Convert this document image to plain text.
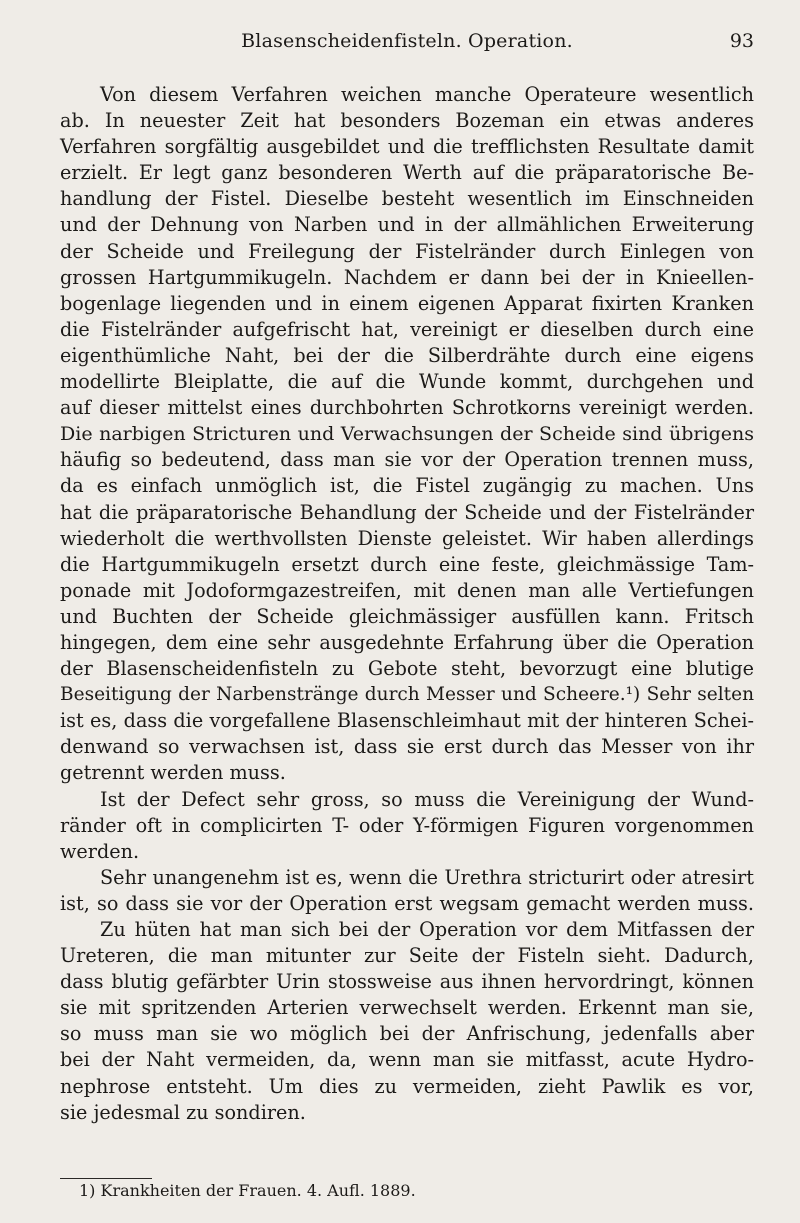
Blasenscheidenfisteln. Operation.	93
Von diesem Verfahren weichen manche Operateure wesentlich
ab. In neuester Zeit hat besonders Bozeman ein etwas anderes
Verfahren sorgfältig ausgebildet und die trefflichsten Resultate damit
erzielt. Er legt ganz besonderen Werth auf die präparatorische Be-
handlung der Fistel. Dieselbe besteht wesentlich im Einschneiden
und der Dehnung von Narben und in der allmählichen Erweiterung
der Scheide und Freilegung der Fistelränder durch Einlegen von
grossen Hartgummikugeln. Nachdem er dann bei der in Knieellen-
bogenlage liegenden und in einem eigenen Apparat fixirten Kranken
die Fistelränder aufgefrischt hat, vereinigt er dieselben durch eine
eigenthümliche Naht, bei der die Silberdrähte durch eine eigens
modellirte Bleiplatte, die auf die Wunde kommt, durchgehen und
auf dieser mittelst eines durchbohrten Schrotkorns vereinigt werden.
Die narbigen Stricturen und Verwachsungen der Scheide sind übrigens
häufig so bedeutend, dass man sie vor der Operation trennen muss,
da es einfach unmöglich ist, die Fistel zugängig zu machen. Uns
hat die präparatorische Behandlung der Scheide und der Fistelränder
wiederholt die werthvollsten Dienste geleistet. Wir haben allerdings
die Hartgummikugeln ersetzt durch eine feste, gleichmässige Tam-
ponade mit Jodoformgazestreifen, mit denen man alle Vertiefungen
und Buchten der Scheide gleichmässiger ausfüllen kann. Fritsch
hingegen, dem eine sehr ausgedehnte Erfahrung über die Operation
der Blasenscheidenfisteln zu Gebote steht, bevorzugt eine blutige
Beseitigung der Narbenstränge durch Messer und Scheere.¹) Sehr selten
ist es, dass die vorgefallene Blasenschleimhaut mit der hinteren Schei-
denwand so verwachsen ist, dass sie erst durch das Messer von ihr
getrennt werden muss.
Ist der Defect sehr gross, so muss die Vereinigung der Wund-
ränder oft in complicirten T- oder Y-förmigen Figuren vorgenommen
werden.
Sehr unangenehm ist es, wenn die Urethra stricturirt oder atresirt
ist, so dass sie vor der Operation erst wegsam gemacht werden muss.
Zu hüten hat man sich bei der Operation vor dem Mitfassen der
Ureteren, die man mitunter zur Seite der Fisteln sieht. Dadurch,
dass blutig gefärbter Urin stossweise aus ihnen hervordringt, können
sie mit spritzenden Arterien verwechselt werden. Erkennt man sie,
so muss man sie wo möglich bei der Anfrischung, jedenfalls aber
bei der Naht vermeiden, da, wenn man sie mitfasst, acute Hydro-
nephrose entsteht. Um dies zu vermeiden, zieht Pawlik es vor,
sie jedesmal zu sondiren.
1) Krankheiten der Frauen. 4. Aufl. 1889.
